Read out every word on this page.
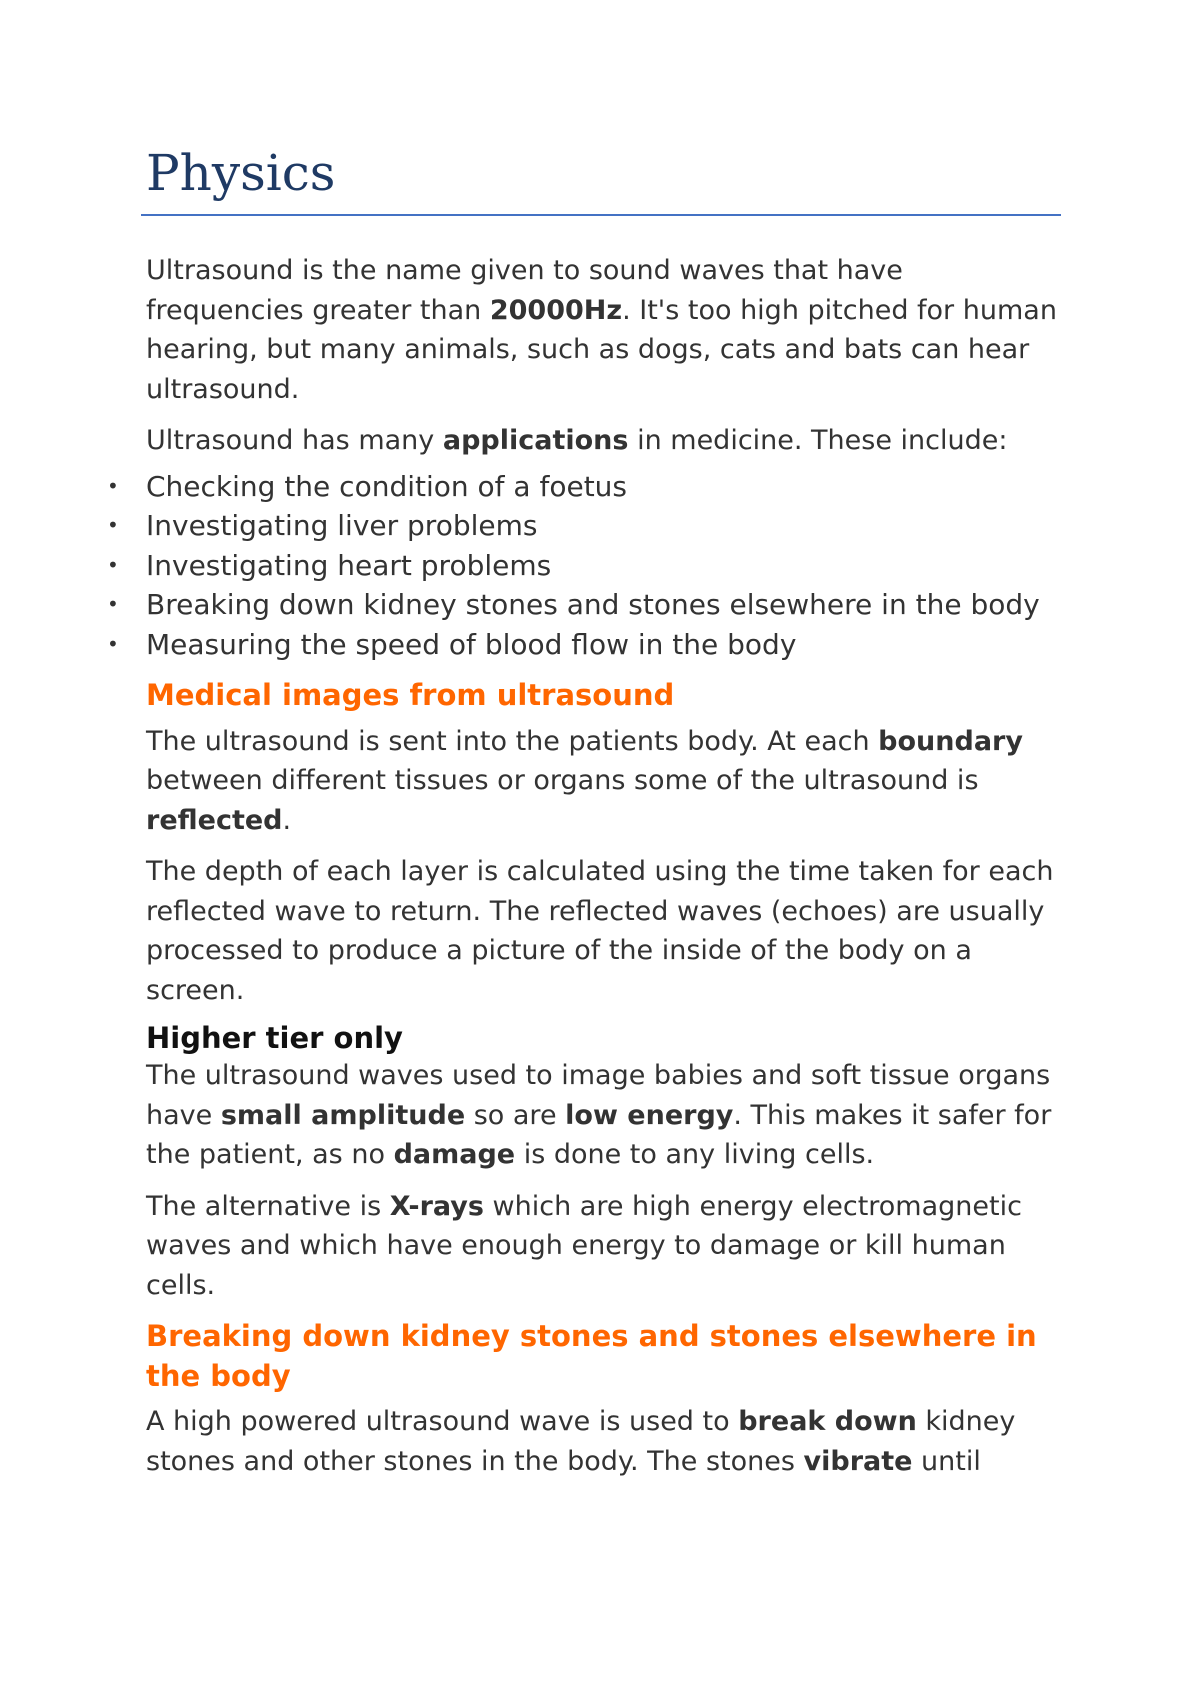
Physics

Ultrasound is the name given to sound waves that have frequencies greater than 20000Hz. It's too high pitched for human hearing, but many animals, such as dogs, cats and bats can hear ultrasound.

Ultrasound has many applications in medicine. These include:

• Checking the condition of a foetus
• Investigating liver problems
• Investigating heart problems
• Breaking down kidney stones and stones elsewhere in the body
• Measuring the speed of blood flow in the body
Medical images from ultrasound

The ultrasound is sent into the patients body. At each boundary between different tissues or organs some of the ultrasound is reflected.

The depth of each layer is calculated using the time taken for each reflected wave to return. The reflected waves (echoes) are usually processed to produce a picture of the inside of the body on a screen.

Higher tier only

The ultrasound waves used to image babies and soft tissue organs have small amplitude so are low energy. This makes it safer for the patient, as no damage is done to any living cells.

The alternative is X-rays which are high energy electromagnetic waves and which have enough energy to damage or kill human cells.

Breaking down kidney stones and stones elsewhere in the body

A high powered ultrasound wave is used to break down kidney stones and other stones in the body. The stones vibrate until
